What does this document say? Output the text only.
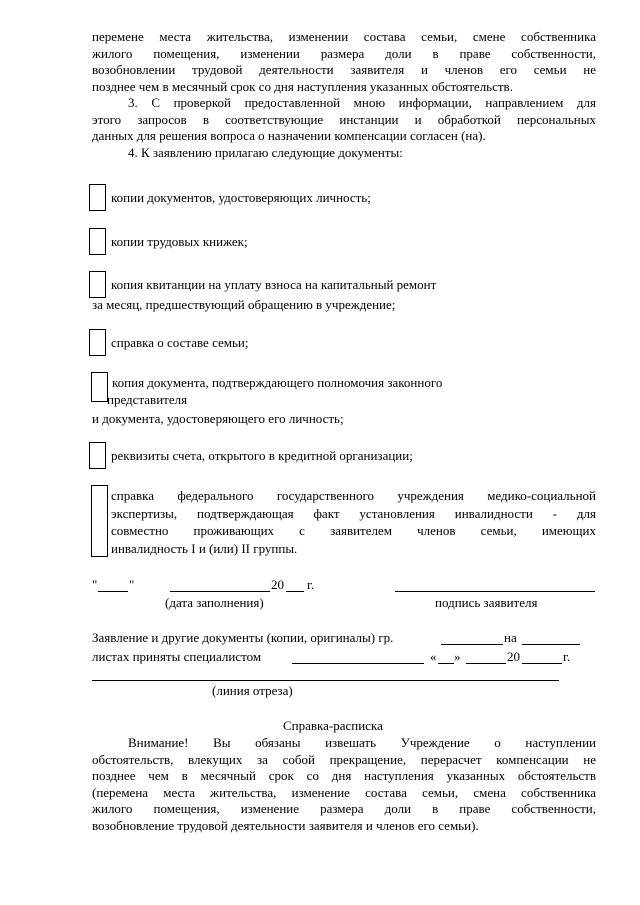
перемене места жительства, изменении состава семьи, смене собственника
жилого помещения, изменении размера доли в праве собственности,
возобновлении трудовой деятельности заявителя и членов его семьи не
позднее чем в месячный срок со дня наступления указанных обстоятельств.
3. С проверкой предоставленной мною информации, направлением для
этого запросов в соответствующие инстанции и обработкой персональных
данных для решения вопроса о назначении компенсации согласен (на).
4. К заявлению прилагаю следующие документы:
копии документов, удостоверяющих личность;
копии трудовых книжек;
копия квитанции на уплату взноса на капитальный ремонт
за месяц, предшествующий обращению в учреждение;
справка о составе семьи;
копия документа, подтверждающего полномочия законного
представителя
и документа, удостоверяющего его личность;
реквизиты счета, открытого в кредитной организации;
справка федерального государственного учреждения медико-социальной
экспертизы, подтверждающая факт установления инвалидности - для
совместно проживающих с заявителем членов семьи, имеющих
инвалидность I и (или) II группы.
" "	20 г.
(дата заполнения)	подпись заявителя
Заявление и другие документы (копии, оригиналы) гр.	на
листах приняты специалистом	« »	20	г.
(линия отреза)
Справка-расписка
Внимание! Вы обязаны извешать Учреждение о наступлении
обстоятельств, влекущих за собой прекращение, перерасчет компенсации не
позднее чем в месячный срок со дня наступления указанных обстоятельств
(перемена места жительства, изменение состава семьи, смена собственника
жилого помещения, изменение размера доли в праве собственности,
возобновление трудовой деятельности заявителя и членов его семьи).
